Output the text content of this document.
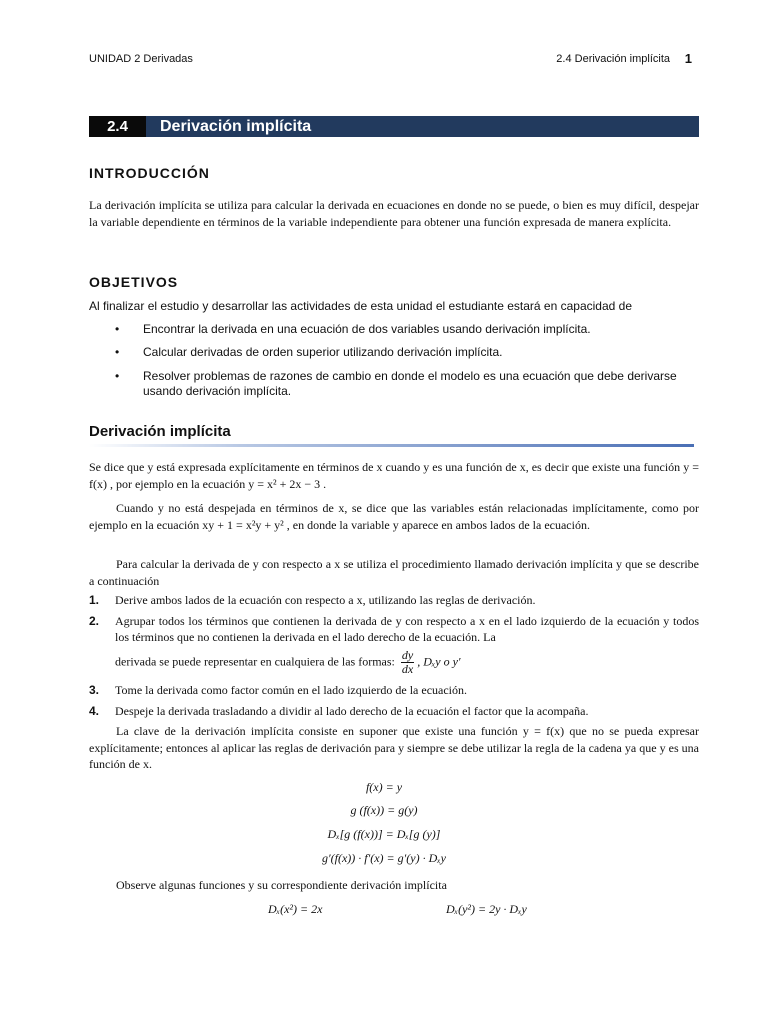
UNIDAD 2 Derivadas	2.4 Derivación implícita 1
2.4	Derivación implícita
INTRODUCCIÓN
La derivación implícita se utiliza para calcular la derivada en ecuaciones en donde no se puede, o bien es muy difícil, despejar la variable dependiente en términos de la variable independiente para obtener una función expresada de manera explícita.
OBJETIVOS
Al finalizar el estudio y desarrollar las actividades de esta unidad el estudiante estará en capacidad de
• Encontrar la derivada en una ecuación de dos variables usando derivación implícita.
• Calcular derivadas de orden superior utilizando derivación implícita.
• Resolver problemas de razones de cambio en donde el modelo es una ecuación que debe derivarse usando derivación implícita.
Derivación implícita
Se dice que y está expresada explícitamente en términos de x cuando y es una función de x, es decir que existe una función y = f(x) , por ejemplo en la ecuación y = x² + 2x − 3 .
Cuando y no está despejada en términos de x, se dice que las variables están relacionadas implícitamente, como por ejemplo en la ecuación xy + 1 = x²y + y² , en donde la variable y aparece en ambos lados de la ecuación.
Para calcular la derivada de y con respecto a x se utiliza el procedimiento llamado derivación implícita y que se describe a continuación
1. Derive ambos lados de la ecuación con respecto a x, utilizando las reglas de derivación.
2. Agrupar todos los términos que contienen la derivada de y con respecto a x en el lado izquierdo de la ecuación y todos los términos que no contienen la derivada en el lado derecho de la ecuación. La
derivada se puede representar en cualquiera de las formas: $\frac{dy}{dx}$ , Dₓy o y′
3. Tome la derivada como factor común en el lado izquierdo de la ecuación.
4. Despeje la derivada trasladando a dividir al lado derecho de la ecuación el factor que la acompaña.
La clave de la derivación implícita consiste en suponer que existe una función y = f(x) que no se pueda expresar explícitamente; entonces al aplicar las reglas de derivación para y siempre se debe utilizar la regla de la cadena ya que y es una función de x.
f(x) = y
g (f(x)) = g(y)
Dₓ[g (f(x))] = Dₓ[g (y)]
g′(f(x)) · f′(x) = g′(y) · Dₓy
Observe algunas funciones y su correspondiente derivación implícita
Dₓ(x²) = 2x	Dₓ(y²) = 2y · Dₓy
